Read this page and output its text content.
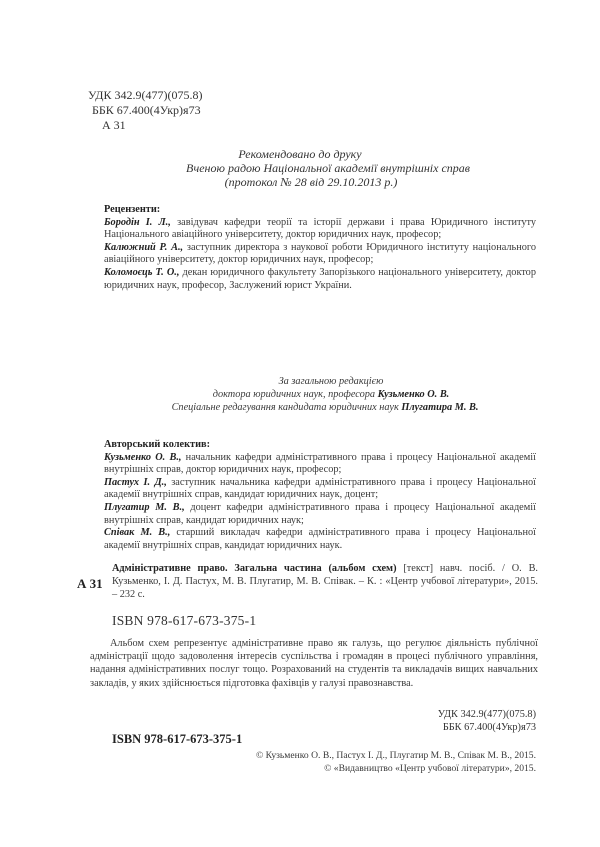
УДК 342.9(477)(075.8)
ББК 67.400(4Укр)я73
А 31
Рекомендовано до друку
Вченою радою Національної академії внутрішніх справ
(протокол № 28 від 29.10.2013 р.)
Рецензенти:

Бородін І. Л., завідувач кафедри теорії та історії держави і права Юридичного інституту Національного авіаційного університету, доктор юридичних наук, професор;

Калюжний Р. А., заступник директора з наукової роботи Юридичного інституту національного авіаційного університету, доктор юридичних наук, професор;

Коломоєць Т. О., декан юридичного факультету Запорізького національного університету, доктор юридичних наук, професор, Заслужений юрист України.

За загальною редакцією
доктора юридичних наук, професора Кузьменко О. В.
Спеціальне редагування кандидата юридичних наук Плугатира М. В.
Авторський колектив:

Кузьменко О. В., начальник кафедри адміністративного права і процесу Національної академії внутрішніх справ, доктор юридичних наук, професор;

Пастух І. Д., заступник начальника кафедри адміністративного права і процесу Національної академії внутрішніх справ, кандидат юридичних наук, доцент;

Плугатир М. В., доцент кафедри адміністративного права і процесу Національної академії внутрішніх справ, кандидат юридичних наук;

Співак М. В., старший викладач кафедри адміністративного права і процесу Національної академії внутрішніх справ, кандидат юридичних наук.

А 31
Адміністративне право. Загальна частина (альбом схем) [текст] навч. посіб. / О. В. Кузьменко, І. Д. Пастух, М. В. Плугатир, М. В. Співак. – К. : «Центр учбової літератури», 2015. – 232 с.
ISBN 978-617-673-375-1
Альбом схем репрезентує адміністративне право як галузь, що регулює діяльність публічної адміністрації щодо задоволення інтересів суспільства і громадян в процесі публічного управління, надання адміністративних послуг тощо. Розрахований на студентів та викладачів вищих навчальних закладів, у яких здійснюється підготовка фахівців у галузі правознавства.
УДК 342.9(477)(075.8)
ББК 67.400(4Укр)я73
ISBN 978-617-673-375-1
© Кузьменко О. В., Пастух І. Д., Плугатир М. В., Співак М. В., 2015.
© «Видавництво «Центр учбової літератури», 2015.
